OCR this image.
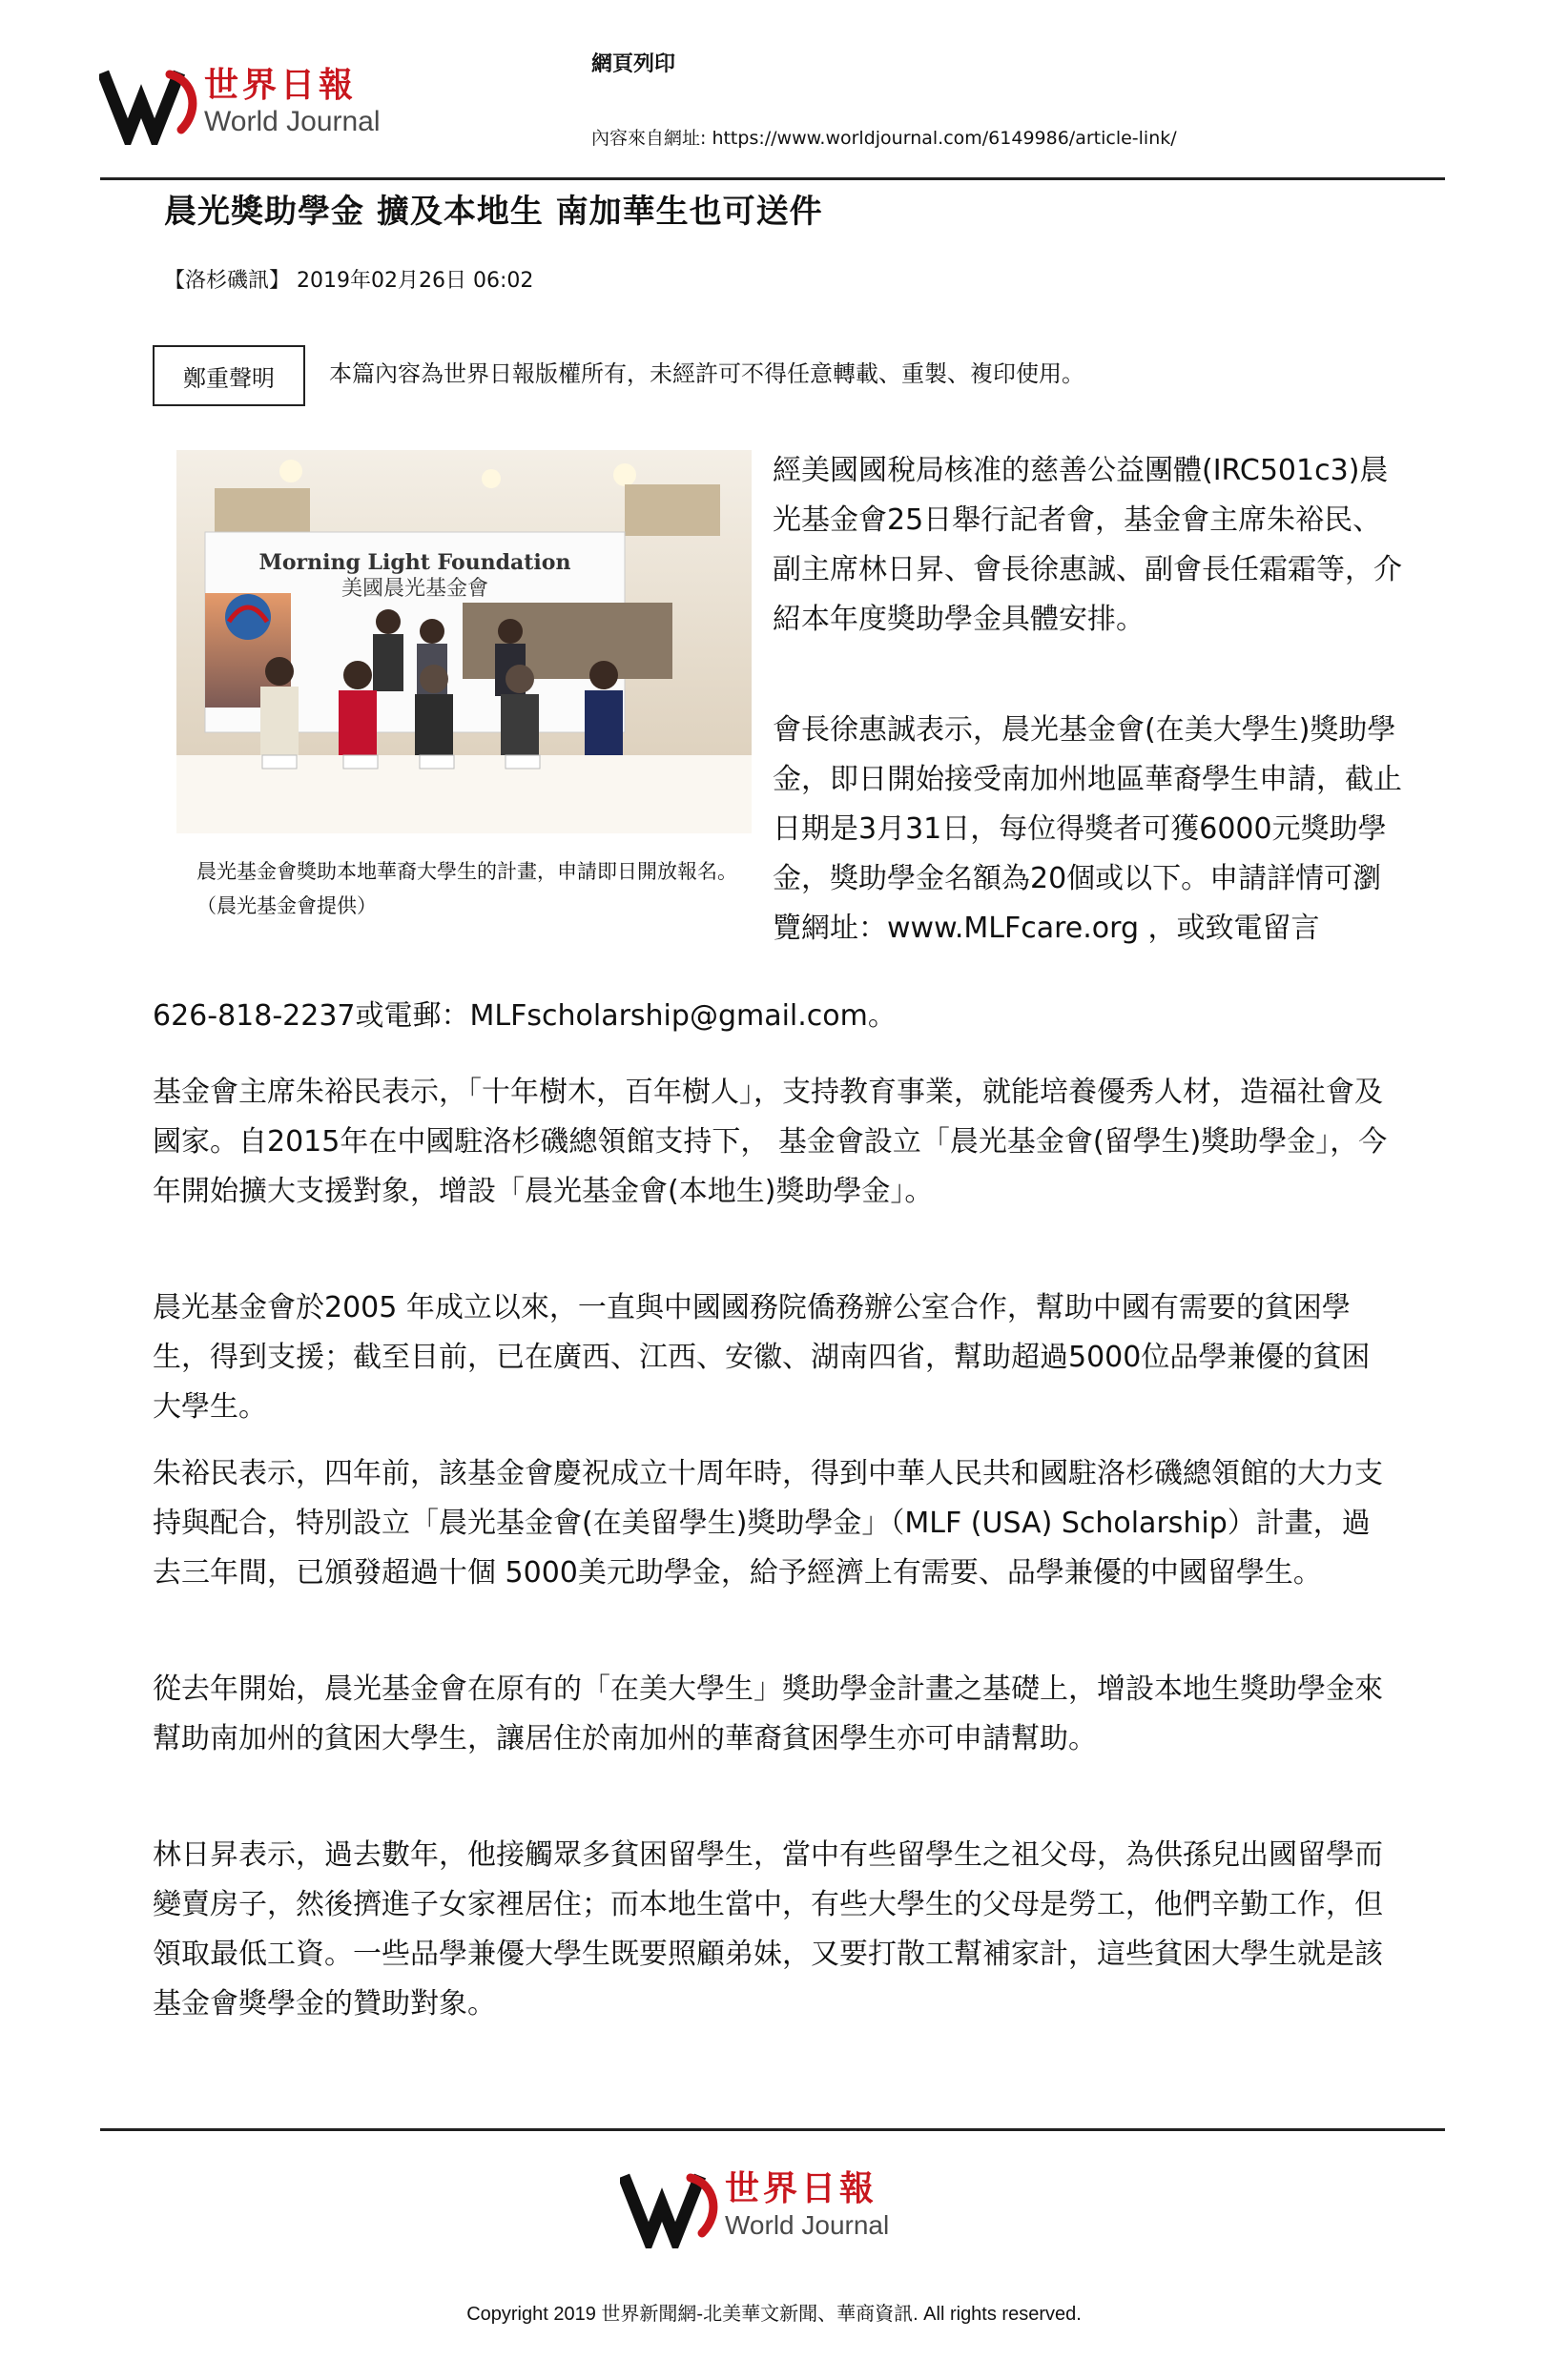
世界日報
World Journal
網頁列印
內容來自網址: https://www.worldjournal.com/6149986/article-link/
晨光獎助學金 擴及本地生 南加華生也可送件
【洛杉磯訊】 2019年02月26日 06:02
鄭重聲明	本篇內容為世界日報版權所有，未經許可不得任意轉載、重製、複印使用。
Morning Light Foundation
美國晨光基金會
晨光基金會獎助本地華裔大學生的計畫，申請即日開放報名。（晨光基金會提供）

經美國國稅局核准的慈善公益團體(IRC501c3)晨光基金會25日舉行記者會，基金會主席朱裕民、副主席林日昇、會長徐惠誠、副會長任霜霜等，介紹本年度獎助學金具體安排。

會長徐惠誠表示，晨光基金會(在美大學生)獎助學金，即日開始接受南加州地區華裔學生申請，截止日期是3月31日，每位得獎者可獲6000元獎助學金，獎助學金名額為20個或以下。申請詳情可瀏覽網址：www.MLFcare.org ，或致電留言

626-818-2237或電郵：MLFscholarship@gmail.com。

基金會主席朱裕民表示，「十年樹木，百年樹人」，支持教育事業，就能培養優秀人材，造福社會及國家。自2015年在中國駐洛杉磯總領館支持下， 基金會設立「晨光基金會(留學生)獎助學金」，今年開始擴大支援對象，增設「晨光基金會(本地生)獎助學金」。

晨光基金會於2005 年成立以來，一直與中國國務院僑務辦公室合作，幫助中國有需要的貧困學生，得到支援；截至目前，已在廣西、江西、安徽、湖南四省，幫助超過5000位品學兼優的貧困大學生。

朱裕民表示，四年前，該基金會慶祝成立十周年時，得到中華人民共和國駐洛杉磯總領館的大力支持與配合，特別設立「晨光基金會(在美留學生)獎助學金」（MLF (USA) Scholarship）計畫，過去三年間，已頒發超過十個 5000美元助學金，給予經濟上有需要、品學兼優的中國留學生。

從去年開始，晨光基金會在原有的「在美大學生」獎助學金計畫之基礎上，增設本地生獎助學金來幫助南加州的貧困大學生，讓居住於南加州的華裔貧困學生亦可申請幫助。

林日昇表示，過去數年，他接觸眾多貧困留學生，當中有些留學生之祖父母，為供孫兒出國留學而變賣房子，然後擠進子女家裡居住；而本地生當中，有些大學生的父母是勞工，他們辛勤工作，但領取最低工資。一些品學兼優大學生既要照顧弟妹，又要打散工幫補家計，這些貧困大學生就是該基金會獎學金的贊助對象。

世界日報
World Journal
Copyright 2019 世界新聞網-北美華文新聞、華商資訊. All rights reserved.
